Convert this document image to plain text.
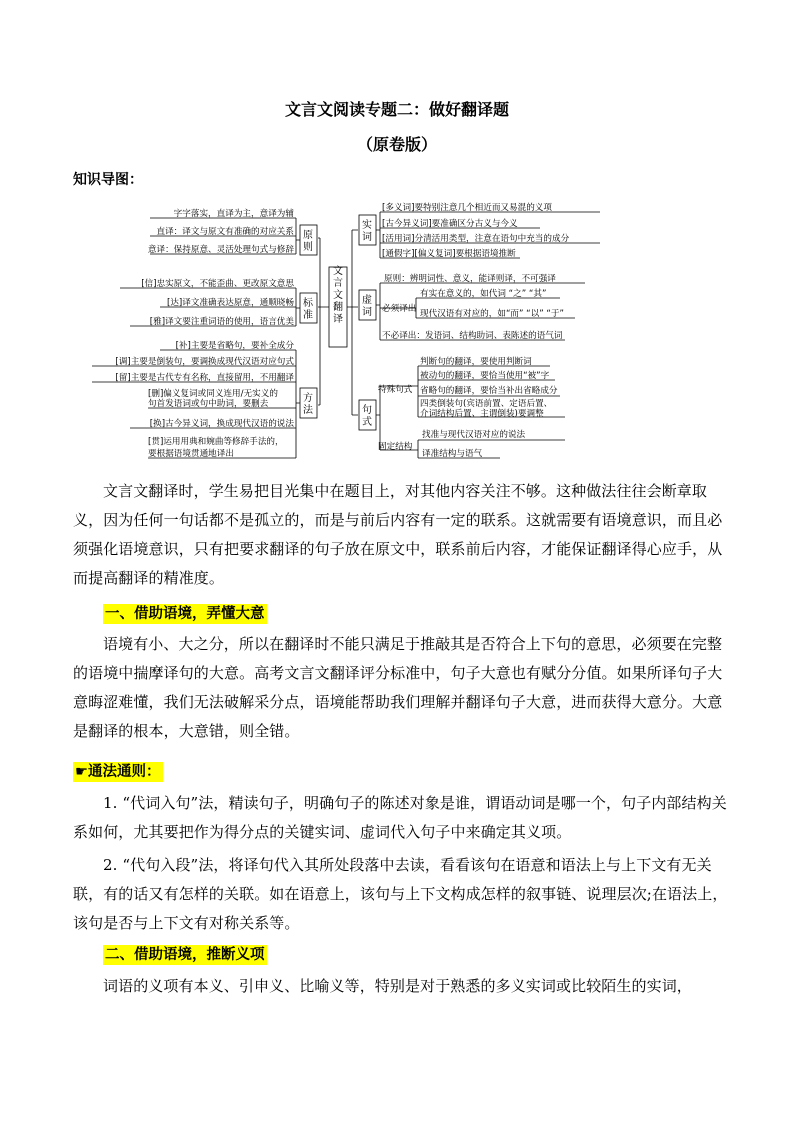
文言文阅读专题二：做好翻译题
（原卷版）
知识导图：
文言文翻译
原则
标准
方法
实词
虚词
句式
字字落实，直译为主，意译为辅
直译：译文与原文有准确的对应关系
意译：保持原意、灵活处理句式与修辞
[信]忠实原文，不能歪曲、更改原文意思
[达]译文准确表达原意，通顺晓畅
[雅]译文要注重词语的使用，语言优美
[补]主要是省略句，要补全成分
[调]主要是倒装句，要调换成现代汉语对应句式
[留]主要是古代专有名称，直接留用，不用翻译
[删]偏义复词或同义连用/无实义的
句首发语词或句中助词，要删去
[换]古今异义词，换成现代汉语的说法
[贯]运用用典和婉曲等修辞手法的，
要根据语境贯通地译出
[多义词]要特别注意几个相近而又易混的义项
[古今异义词]要准确区分古义与今义
[活用词]分清活用类型，注意在语句中充当的成分
[通假字][偏义复词]要根据语境推断
原则：辨明词性、意义，能译则译，不可强译
必须译出
有实在意义的，如代词 “之” “其”
现代汉语有对应的，如“而” “以” “于”
不必译出：发语词、结构助词、表陈述的语气词
特殊句式
固定结构
判断句的翻译，要使用判断词
被动句的翻译，要恰当使用“被”字
省略句的翻译，要恰当补出省略成分
四类倒装句(宾语前置、定语后置、
介词结构后置、主谓倒装)要调整
找准与现代汉语对应的说法
译准结构与语气

文言文翻译时，学生易把目光集中在题目上，对其他内容关注不够。这种做法往往会断章取义，因为任何一句话都不是孤立的，而是与前后内容有一定的联系。这就需要有语境意识，而且必须强化语境意识，只有把要求翻译的句子放在原文中，联系前后内容，才能保证翻译得心应手，从而提高翻译的精准度。

一、借助语境，弄懂大意

语境有小、大之分，所以在翻译时不能只满足于推敲其是否符合上下句的意思，必须要在完整的语境中揣摩译句的大意。高考文言文翻译评分标准中，句子大意也有赋分分值。如果所译句子大意晦涩难懂，我们无法破解采分点，语境能帮助我们理解并翻译句子大意，进而获得大意分。大意是翻译的根本，大意错，则全错。

☛通法通则：

1. “代词入句”法，精读句子，明确句子的陈述对象是谁，谓语动词是哪一个，句子内部结构关系如何，尤其要把作为得分点的关键实词、虚词代入句子中来确定其义项。

2. “代句入段”法，将译句代入其所处段落中去读，看看该句在语意和语法上与上下文有无关联，有的话又有怎样的关联。如在语意上，该句与上下文构成怎样的叙事链、说理层次;在语法上，该句是否与上下文有对称关系等。

二、借助语境，推断义项

词语的义项有本义、引申义、比喻义等，特别是对于熟悉的多义实词或比较陌生的实词，
